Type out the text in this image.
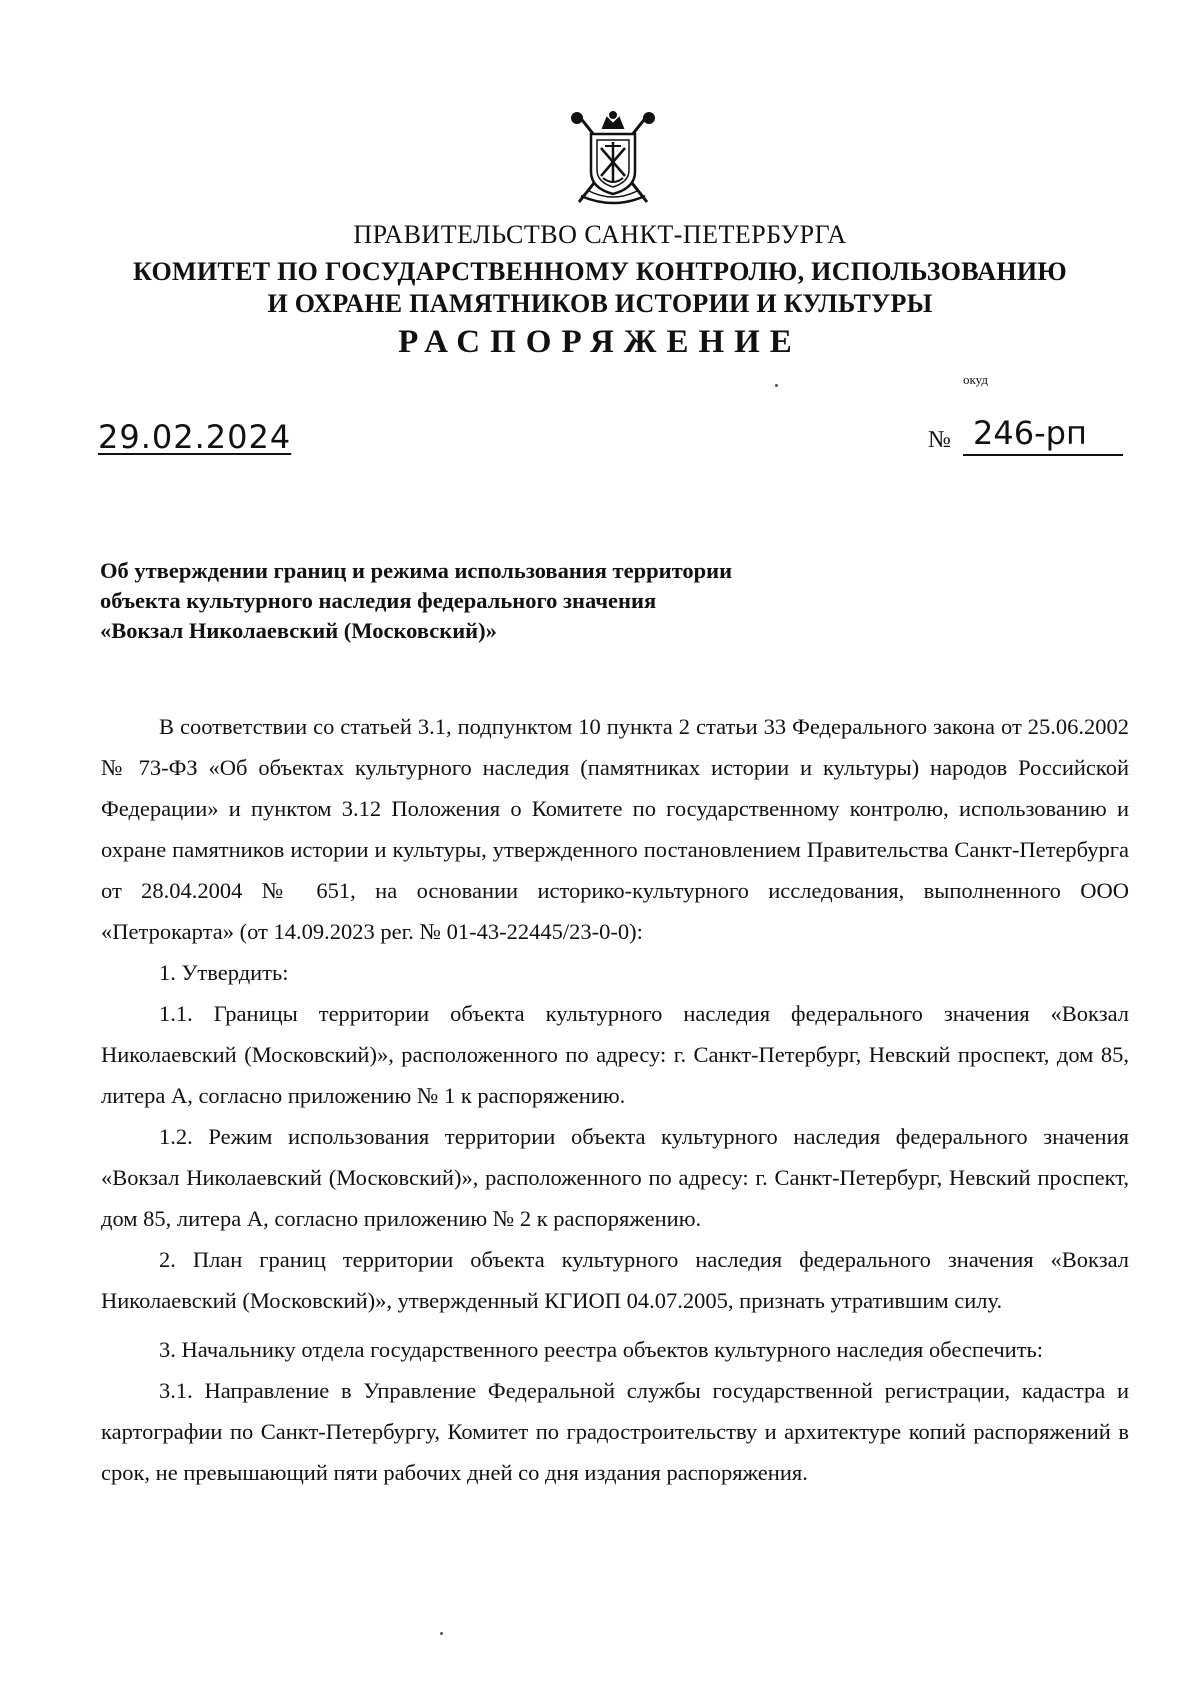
ПРАВИТЕЛЬСТВО САНКТ-ПЕТЕРБУРГА
КОМИТЕТ ПО ГОСУДАРСТВЕННОМУ КОНТРОЛЮ, ИСПОЛЬЗОВАНИЮ
И ОХРАНЕ ПАМЯТНИКОВ ИСТОРИИ И КУЛЬТУРЫ
РАСПОРЯЖЕНИЕ
окуд
29.02.2024	№ 246-рп
Об утверждении границ и режима использования территории
объекта культурного наследия федерального значения
«Вокзал Николаевский (Московский)»

В соответствии со статьей 3.1, подпунктом 10 пункта 2 статьи 33 Федерального закона от 25.06.2002 № 73-ФЗ «Об объектах культурного наследия (памятниках истории и культуры) народов Российской Федерации» и пунктом 3.12 Положения о Комитете по государственному контролю, использованию и охране памятников истории и культуры, утвержденного постановлением Правительства Санкт-Петербурга от 28.04.2004 № 651, на основании историко-культурного исследования, выполненного ООО «Петрокарта» (от 14.09.2023 рег. № 01-43-22445/23-0-0):

1. Утвердить:

1.1. Границы территории объекта культурного наследия федерального значения «Вокзал Николаевский (Московский)», расположенного по адресу: г. Санкт-Петербург, Невский проспект, дом 85, литера А, согласно приложению № 1 к распоряжению.

1.2. Режим использования территории объекта культурного наследия федерального значения «Вокзал Николаевский (Московский)», расположенного по адресу: г. Санкт-Петербург, Невский проспект, дом 85, литера А, согласно приложению № 2 к распоряжению.

2. План границ территории объекта культурного наследия федерального значения «Вокзал Николаевский (Московский)», утвержденный КГИОП 04.07.2005, признать утратившим силу.

3. Начальнику отдела государственного реестра объектов культурного наследия обеспечить:

3.1. Направление в Управление Федеральной службы государственной регистрации, кадастра и картографии по Санкт-Петербургу, Комитет по градостроительству и архитектуре копий распоряжений в срок, не превышающий пяти рабочих дней со дня издания распоряжения.
